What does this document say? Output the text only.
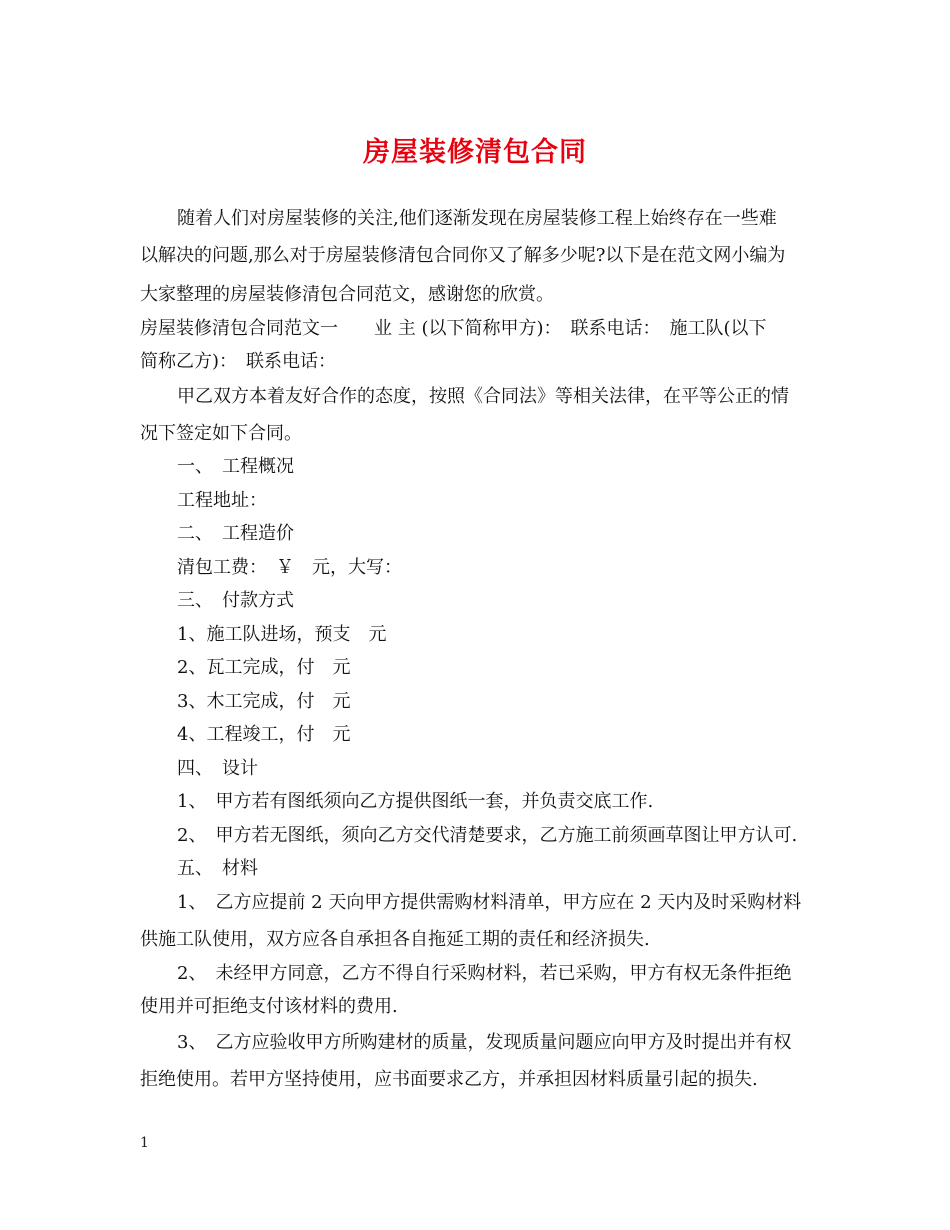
房屋装修清包合同
随着人们对房屋装修的关注,他们逐渐发现在房屋装修工程上始终存在一些难
以解决的问题,那么对于房屋装修清包合同你又了解多少呢?以下是在范文网小编为
大家整理的房屋装修清包合同范文，感谢您的欣赏。
房屋装修清包合同范文一　　业 主 (以下简称甲方)：　联系电话：　施工队(以下
简称乙方)：　联系电话：
甲乙双方本着友好合作的态度，按照《合同法》等相关法律，在平等公正的情
况下签定如下合同。
一、　工程概况
工程地址：
二、　工程造价
清包工费：　￥　元，大写：
三、　付款方式
1、施工队进场，预支　元
2、瓦工完成，付　元
3、木工完成，付　元
4、工程竣工，付　元
四、　设计
1、　甲方若有图纸须向乙方提供图纸一套，并负责交底工作.
2、　甲方若无图纸，须向乙方交代清楚要求，乙方施工前须画草图让甲方认可.
五、　材料
1、　乙方应提前 2 天向甲方提供需购材料清单，甲方应在 2 天内及时采购材料
供施工队使用，双方应各自承担各自拖延工期的责任和经济损失.
2、　未经甲方同意，乙方不得自行采购材料，若已采购，甲方有权无条件拒绝
使用并可拒绝支付该材料的费用.
3、　乙方应验收甲方所购建材的质量，发现质量问题应向甲方及时提出并有权
拒绝使用。若甲方坚持使用，应书面要求乙方，并承担因材料质量引起的损失.
1
